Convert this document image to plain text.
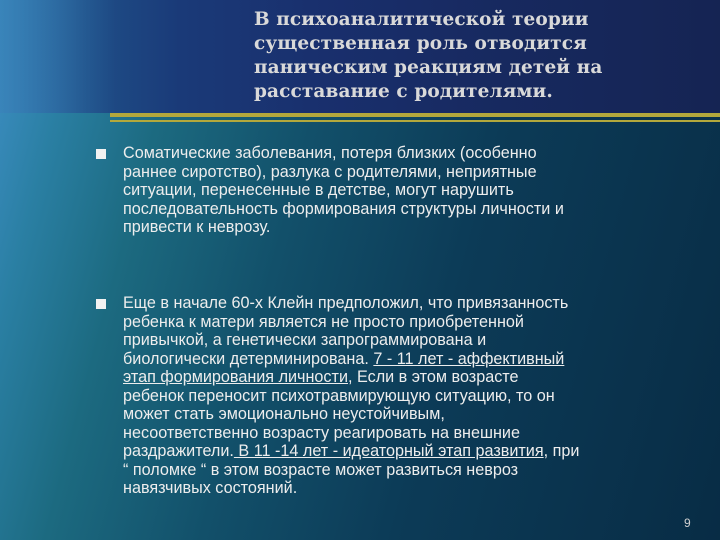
В психоаналитической теории
существенная роль отводится
паническим реакциям детей на
расставание с родителями.
Соматические заболевания, потеря близких (особенно
раннее сиротство), разлука с родителями, неприятные
ситуации, перенесенные в детстве, могут нарушить
последовательность формирования структуры личности и
привести к неврозу.
Еще в начале 60-х Клейн предположил, что привязанность
ребенка к матери является не просто приобретенной
привычкой, а генетически запрограммирована и
биологически детерминирована. 7 - 11 лет - аффективный
этап формирования личности, Если в этом возрасте
ребенок переносит психотравмирующую ситуацию, то он
может стать эмоционально неустойчивым,
несоответственно возрасту реагировать на внешние
раздражители. В 11 -14 лет - идеаторный этап развития, при
“ поломке “ в этом возрасте может развиться невроз
навязчивых состояний.
9
